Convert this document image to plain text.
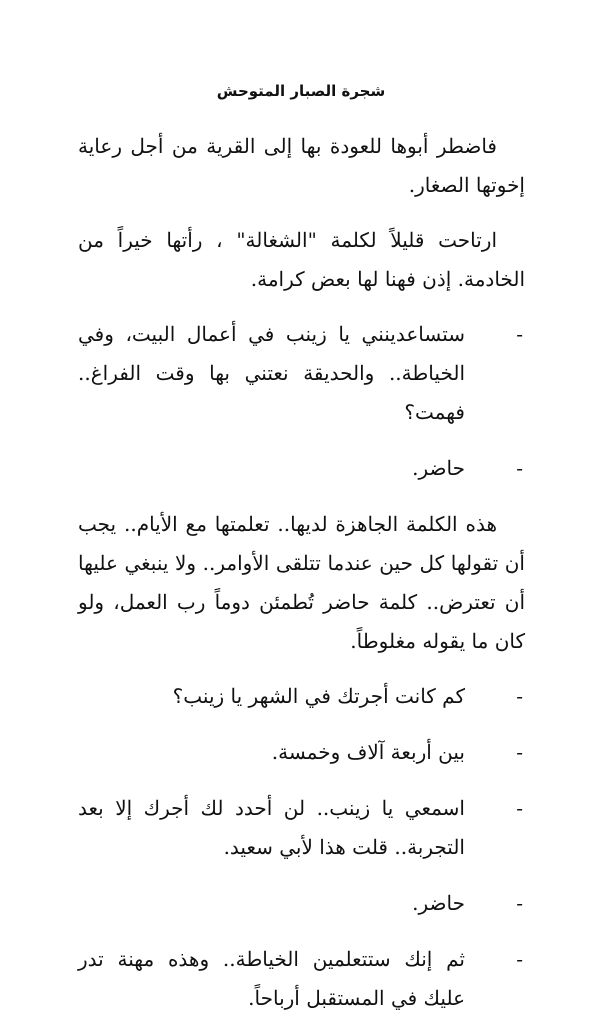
شجرة الصبار المتوحش

فاضطر أبوها للعودة بها إلى القرية من أجل رعاية إخوتها الصغار.

ارتاحت قليلاً لكلمة "الشغالة" ، رأتها خيراً من الخادمة. إذن فهنا لها بعض كرامة.

-
ستساعدينني يا زينب في أعمال البيت، وفي الخياطة.. والحديقة نعتني بها وقت الفراغ.. فهمت؟
-
حاضر.

هذه الكلمة الجاهزة لديها.. تعلمتها مع الأيام.. يجب أن تقولها كل حين عندما تتلقى الأوامر.. ولا ينبغي عليها أن تعترض.. كلمة حاضر تُطمئن دوماً رب العمل، ولو كان ما يقوله مغلوطاً.

-
كم كانت أجرتك في الشهر يا زينب؟
-
بين أربعة آلاف وخمسة.
-
اسمعي يا زينب.. لن أحدد لك أجرك إلا بعد التجربة.. قلت هذا لأبي سعيد.
-
حاضر.
-
ثم إنك ستتعلمين الخياطة.. وهذه مهنة تدر عليك في المستقبل أرباحاً.
